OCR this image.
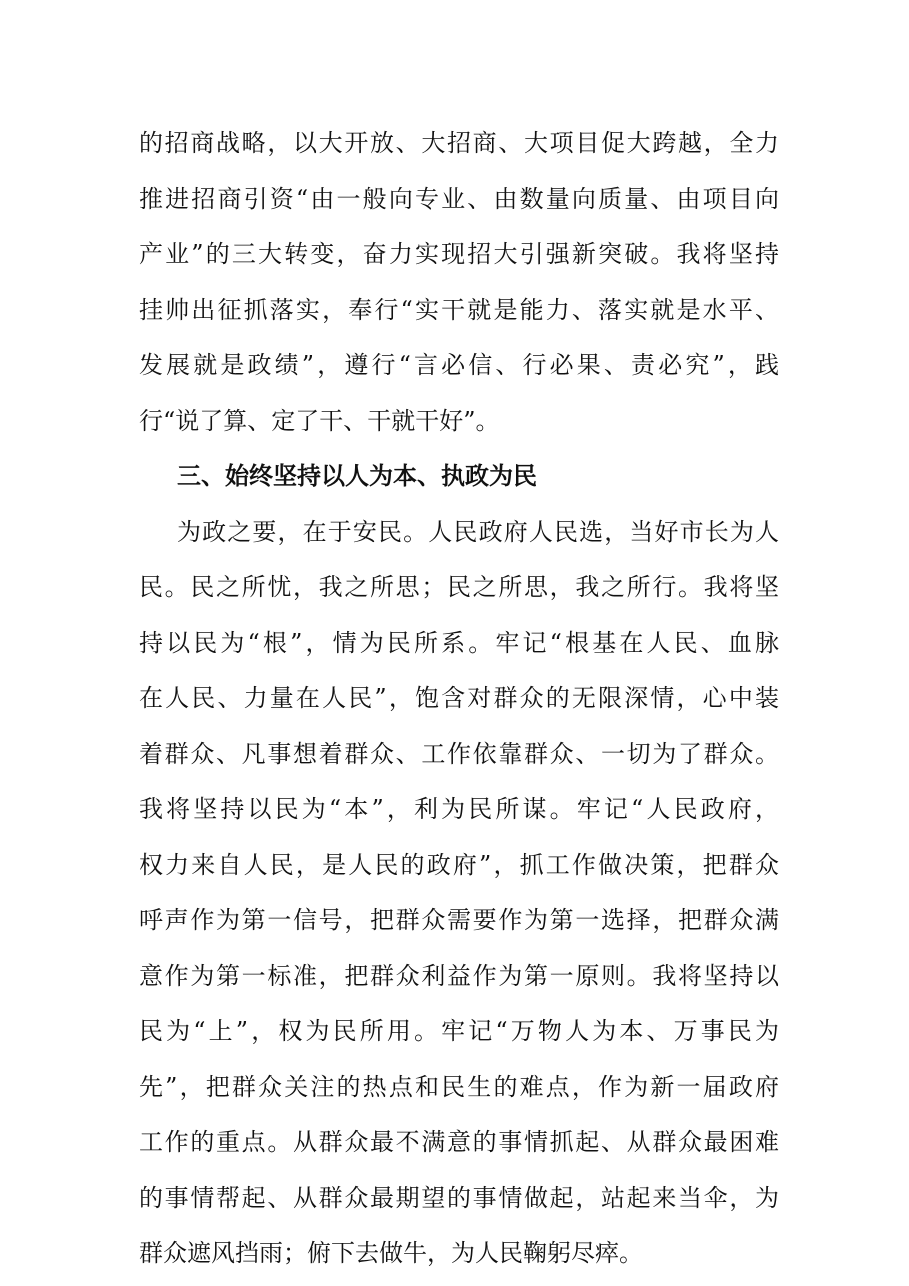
的招商战略，以大开放、大招商、大项目促大跨越，全力
推进招商引资“由一般向专业、由数量向质量、由项目向
产业”的三大转变，奋力实现招大引强新突破。我将坚持
挂帅出征抓落实，奉行“实干就是能力、落实就是水平、
发展就是政绩”，遵行“言必信、行必果、责必究”，践
行“说了算、定了干、干就干好”。
三、始终坚持以人为本、执政为民
为政之要，在于安民。人民政府人民选，当好市长为人
民。民之所忧，我之所思；民之所思，我之所行。我将坚
持以民为“根”，情为民所系。牢记“根基在人民、血脉
在人民、力量在人民”，饱含对群众的无限深情，心中装
着群众、凡事想着群众、工作依靠群众、一切为了群众。
我将坚持以民为“本”，利为民所谋。牢记“人民政府，
权力来自人民，是人民的政府”，抓工作做决策，把群众
呼声作为第一信号，把群众需要作为第一选择，把群众满
意作为第一标准，把群众利益作为第一原则。我将坚持以
民为“上”，权为民所用。牢记“万物人为本、万事民为
先”，把群众关注的热点和民生的难点，作为新一届政府
工作的重点。从群众最不满意的事情抓起、从群众最困难
的事情帮起、从群众最期望的事情做起，站起来当伞，为
群众遮风挡雨；俯下去做牛，为人民鞠躬尽瘁。
